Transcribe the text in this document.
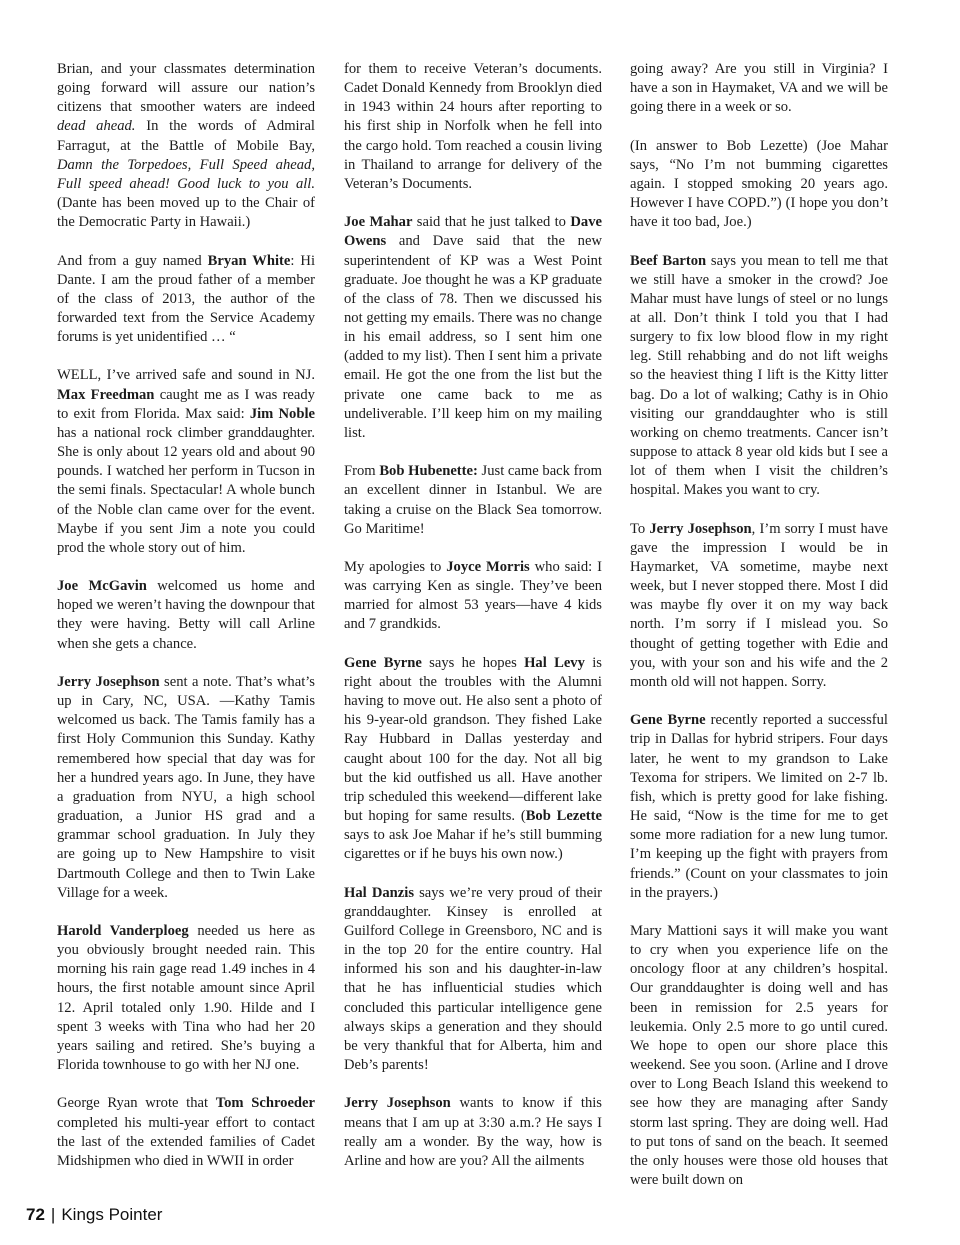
Brian, and your classmates determination going forward will assure our nation’s citizens that smoother waters are indeed dead ahead. In the words of Admiral Farragut, at the Battle of Mobile Bay, Damn the Torpedoes, Full Speed ahead, Full speed ahead! Good luck to you all. (Dante has been moved up to the Chair of the Democratic Party in Hawaii.)

And from a guy named Bryan White: Hi Dante. I am the proud father of a member of the class of 2013, the author of the forwarded text from the Service Academy forums is yet unidentified … “

WELL, I’ve arrived safe and sound in NJ. Max Freedman caught me as I was ready to exit from Florida. Max said: Jim Noble has a national rock climber granddaughter. She is only about 12 years old and about 90 pounds. I watched her perform in Tucson in the semi finals. Spectacular! A whole bunch of the Noble clan came over for the event. Maybe if you sent Jim a note you could prod the whole story out of him.

Joe McGavin welcomed us home and hoped we weren’t having the downpour that they were having. Betty will call Arline when she gets a chance.

Jerry Josephson sent a note. That’s what’s up in Cary, NC, USA. —Kathy Tamis welcomed us back. The Tamis family has a first Holy Communion this Sunday. Kathy remembered how special that day was for her a hundred years ago. In June, they have a graduation from NYU, a high school graduation, a Junior HS grad and a grammar school graduation. In July they are going up to New Hampshire to visit Dartmouth College and then to Twin Lake Village for a week.

Harold Vanderploeg needed us here as you obviously brought needed rain. This morning his rain gage read 1.49 inches in 4 hours, the first notable amount since April 12. April totaled only 1.90. Hilde and I spent 3 weeks with Tina who had her 20 years sailing and retired. She’s buying a Florida townhouse to go with her NJ one.

George Ryan wrote that Tom Schroeder completed his multi-year effort to contact the last of the extended families of Cadet Midshipmen who died in WWII in order

for them to receive Veteran’s documents. Cadet Donald Kennedy from Brooklyn died in 1943 within 24 hours after reporting to his first ship in Norfolk when he fell into the cargo hold. Tom reached a cousin living in Thailand to arrange for delivery of the Veteran’s Documents.

Joe Mahar said that he just talked to Dave Owens and Dave said that the new superintendent of KP was a West Point graduate. Joe thought he was a KP graduate of the class of 78. Then we discussed his not getting my emails. There was no change in his email address, so I sent him one (added to my list). Then I sent him a private email. He got the one from the list but the private one came back to me as undeliverable. I’ll keep him on my mailing list.

From Bob Hubenette: Just came back from an excellent dinner in Istanbul. We are taking a cruise on the Black Sea tomorrow. Go Maritime!

My apologies to Joyce Morris who said: I was carrying Ken as single. They’ve been married for almost 53 years—have 4 kids and 7 grandkids.

Gene Byrne says he hopes Hal Levy is right about the troubles with the Alumni having to move out. He also sent a photo of his 9-year-old grandson. They fished Lake Ray Hubbard in Dallas yesterday and caught about 100 for the day. Not all big but the kid outfished us all. Have another trip scheduled this weekend—different lake but hoping for same results. (Bob Lezette says to ask Joe Mahar if he’s still bumming cigarettes or if he buys his own now.)

Hal Danzis says we’re very proud of their granddaughter. Kinsey is enrolled at Guilford College in Greensboro, NC and is in the top 20 for the entire country. Hal informed his son and his daughter-in-law that he has influenticial studies which concluded this particular intelligence gene always skips a generation and they should be very thankful that for Alberta, him and Deb’s parents!

Jerry Josephson wants to know if this means that I am up at 3:30 a.m.? He says I really am a wonder. By the way, how is Arline and how are you? All the ailments

going away? Are you still in Virginia? I have a son in Haymaket, VA and we will be going there in a week or so.

(In answer to Bob Lezette) (Joe Mahar says, “No I’m not bumming cigarettes again. I stopped smoking 20 years ago. However I have COPD.”) (I hope you don’t have it too bad, Joe.)

Beef Barton says you mean to tell me that we still have a smoker in the crowd? Joe Mahar must have lungs of steel or no lungs at all. Don’t think I told you that I had surgery to fix low blood flow in my right leg. Still rehabbing and do not lift weighs so the heaviest thing I lift is the Kitty litter bag. Do a lot of walking; Cathy is in Ohio visiting our granddaughter who is still working on chemo treatments. Cancer isn’t suppose to attack 8 year old kids but I see a lot of them when I visit the children’s hospital. Makes you want to cry.

To Jerry Josephson, I’m sorry I must have gave the impression I would be in Haymarket, VA sometime, maybe next week, but I never stopped there. Most I did was maybe fly over it on my way back north. I’m sorry if I mislead you. So thought of getting together with Edie and you, with your son and his wife and the 2 month old will not happen. Sorry.

Gene Byrne recently reported a successful trip in Dallas for hybrid stripers. Four days later, he went to my grandson to Lake Texoma for stripers. We limited on 2-7 lb. fish, which is pretty good for lake fishing. He said, “Now is the time for me to get some more radiation for a new lung tumor. I’m keeping up the fight with prayers from friends.” (Count on your classmates to join in the prayers.)

Mary Mattioni says it will make you want to cry when you experience life on the oncology floor at any children’s hospital. Our granddaughter is doing well and has been in remission for 2.5 years for leukemia. Only 2.5 more to go until cured. We hope to open our shore place this weekend. See you soon. (Arline and I drove over to Long Beach Island this weekend to see how they are managing after Sandy storm last spring. They are doing well. Had to put tons of sand on the beach. It seemed the only houses were those old houses that were built down on

72 | Kings Pointer
